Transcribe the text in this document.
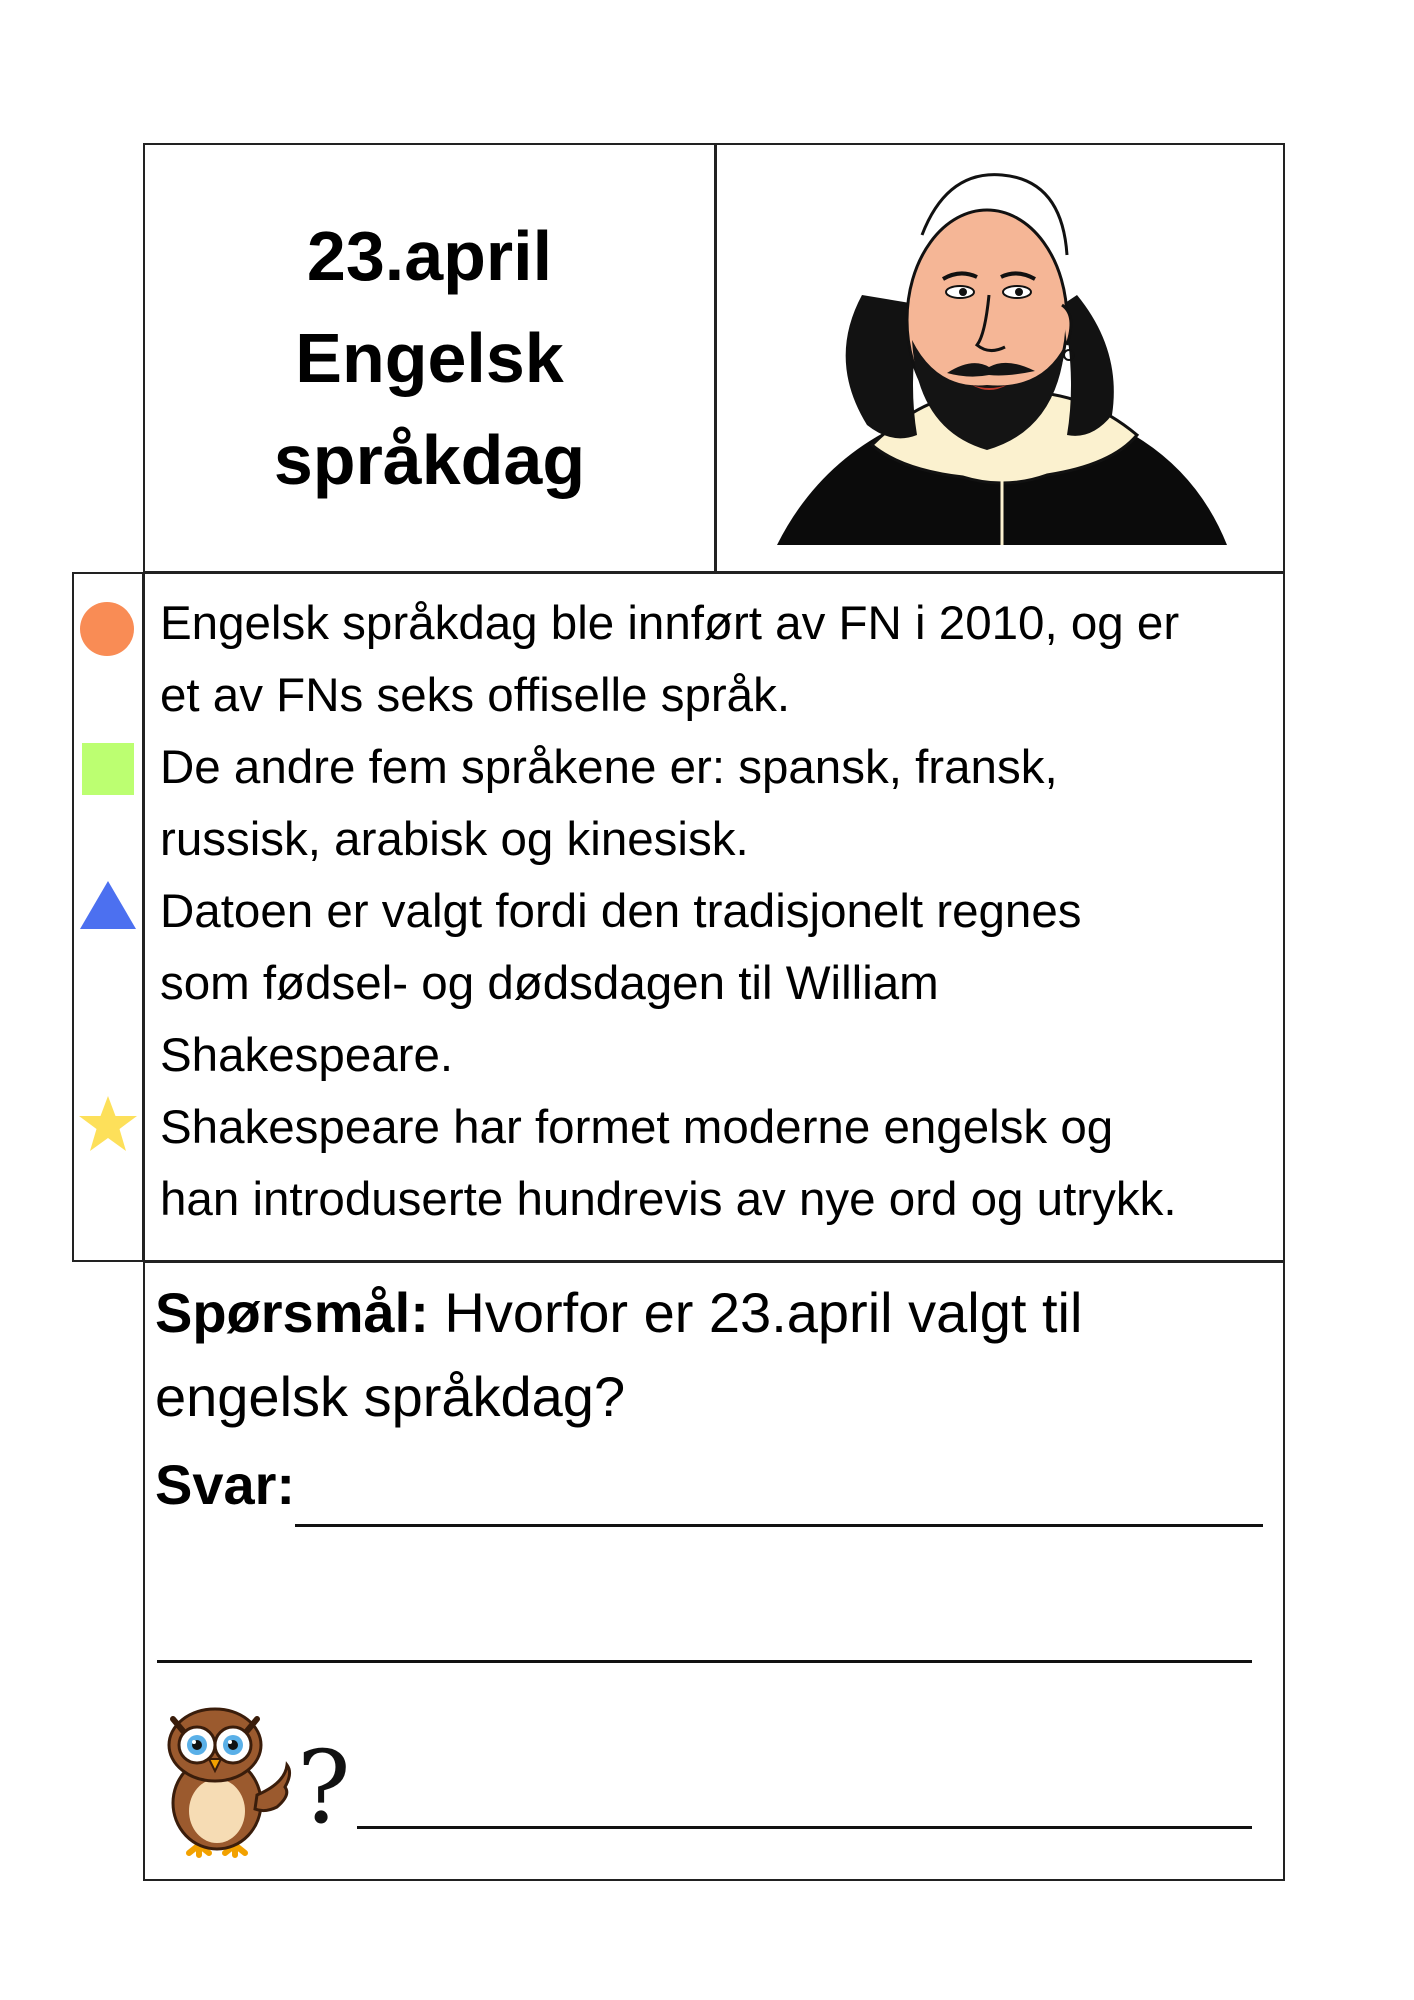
23.april
Engelsk
språkdag

Engelsk språkdag ble innført av FN i 2010, og er
et av FNs seks offiselle språk.

De andre fem språkene er: spansk, fransk,
russisk, arabisk og kinesisk.

Datoen er valgt fordi den tradisjonelt regnes
som fødsel- og dødsdagen til William
Shakespeare.

Shakespeare har formet moderne engelsk og
han introduserte hundrevis av nye ord og utrykk.

Spørsmål: Hvorfor er 23.april valgt til
engelsk språkdag?
Svar:
?
